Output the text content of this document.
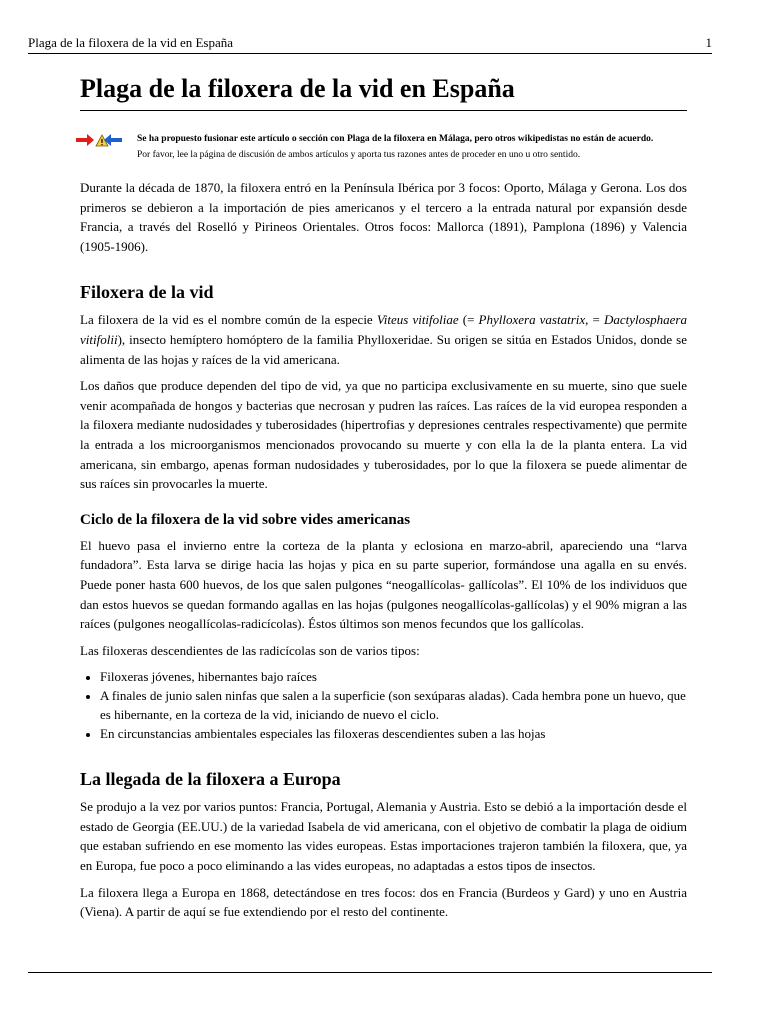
Plaga de la filoxera de la vid en España	1
Plaga de la filoxera de la vid en España
Se ha propuesto fusionar este artículo o sección con Plaga de la filoxera en Málaga, pero otros wikipedistas no están de acuerdo.
Por favor, lee la página de discusión de ambos artículos y aporta tus razones antes de proceder en uno u otro sentido.

Durante la década de 1870, la filoxera entró en la Península Ibérica por 3 focos: Oporto, Málaga y Gerona. Los dos primeros se debieron a la importación de pies americanos y el tercero a la entrada natural por expansión desde Francia, a través del Roselló y Pirineos Orientales. Otros focos: Mallorca (1891), Pamplona (1896) y Valencia (1905-1906).

Filoxera de la vid

La filoxera de la vid es el nombre común de la especie Viteus vitifoliae (= Phylloxera vastatrix, = Dactylosphaera vitifolii), insecto hemíptero homóptero de la familia Phylloxeridae. Su origen se sitúa en Estados Unidos, donde se alimenta de las hojas y raíces de la vid americana.

Los daños que produce dependen del tipo de vid, ya que no participa exclusivamente en su muerte, sino que suele venir acompañada de hongos y bacterias que necrosan y pudren las raíces. Las raíces de la vid europea responden a la filoxera mediante nudosidades y tuberosidades (hipertrofias y depresiones centrales respectivamente) que permite la entrada a los microorganismos mencionados provocando su muerte y con ella la de la planta entera. La vid americana, sin embargo, apenas forman nudosidades y tuberosidades, por lo que la filoxera se puede alimentar de sus raíces sin provocarles la muerte.

Ciclo de la filoxera de la vid sobre vides americanas

El huevo pasa el invierno entre la corteza de la planta y eclosiona en marzo-abril, apareciendo una “larva fundadora”. Esta larva se dirige hacia las hojas y pica en su parte superior, formándose una agalla en su envés. Puede poner hasta 600 huevos, de los que salen pulgones “neogallícolas- gallícolas”. El 10% de los individuos que dan estos huevos se quedan formando agallas en las hojas (pulgones neogallícolas-gallícolas) y el 90% migran a las raíces (pulgones neogallícolas-radicícolas). Éstos últimos son menos fecundos que los gallícolas.

Las filoxeras descendientes de las radicícolas son de varios tipos:

• Filoxeras jóvenes, hibernantes bajo raíces
• A finales de junio salen ninfas que salen a la superficie (son sexúparas aladas). Cada hembra pone un huevo, que es hibernante, en la corteza de la vid, iniciando de nuevo el ciclo.
• En circunstancias ambientales especiales las filoxeras descendientes suben a las hojas
La llegada de la filoxera a Europa

Se produjo a la vez por varios puntos: Francia, Portugal, Alemania y Austria. Esto se debió a la importación desde el estado de Georgia (EE.UU.) de la variedad Isabela de vid americana, con el objetivo de combatir la plaga de oidium que estaban sufriendo en ese momento las vides europeas. Estas importaciones trajeron también la filoxera, que, ya en Europa, fue poco a poco eliminando a las vides europeas, no adaptadas a estos tipos de insectos.

La filoxera llega a Europa en 1868, detectándose en tres focos: dos en Francia (Burdeos y Gard) y uno en Austria (Viena). A partir de aquí se fue extendiendo por el resto del continente.
